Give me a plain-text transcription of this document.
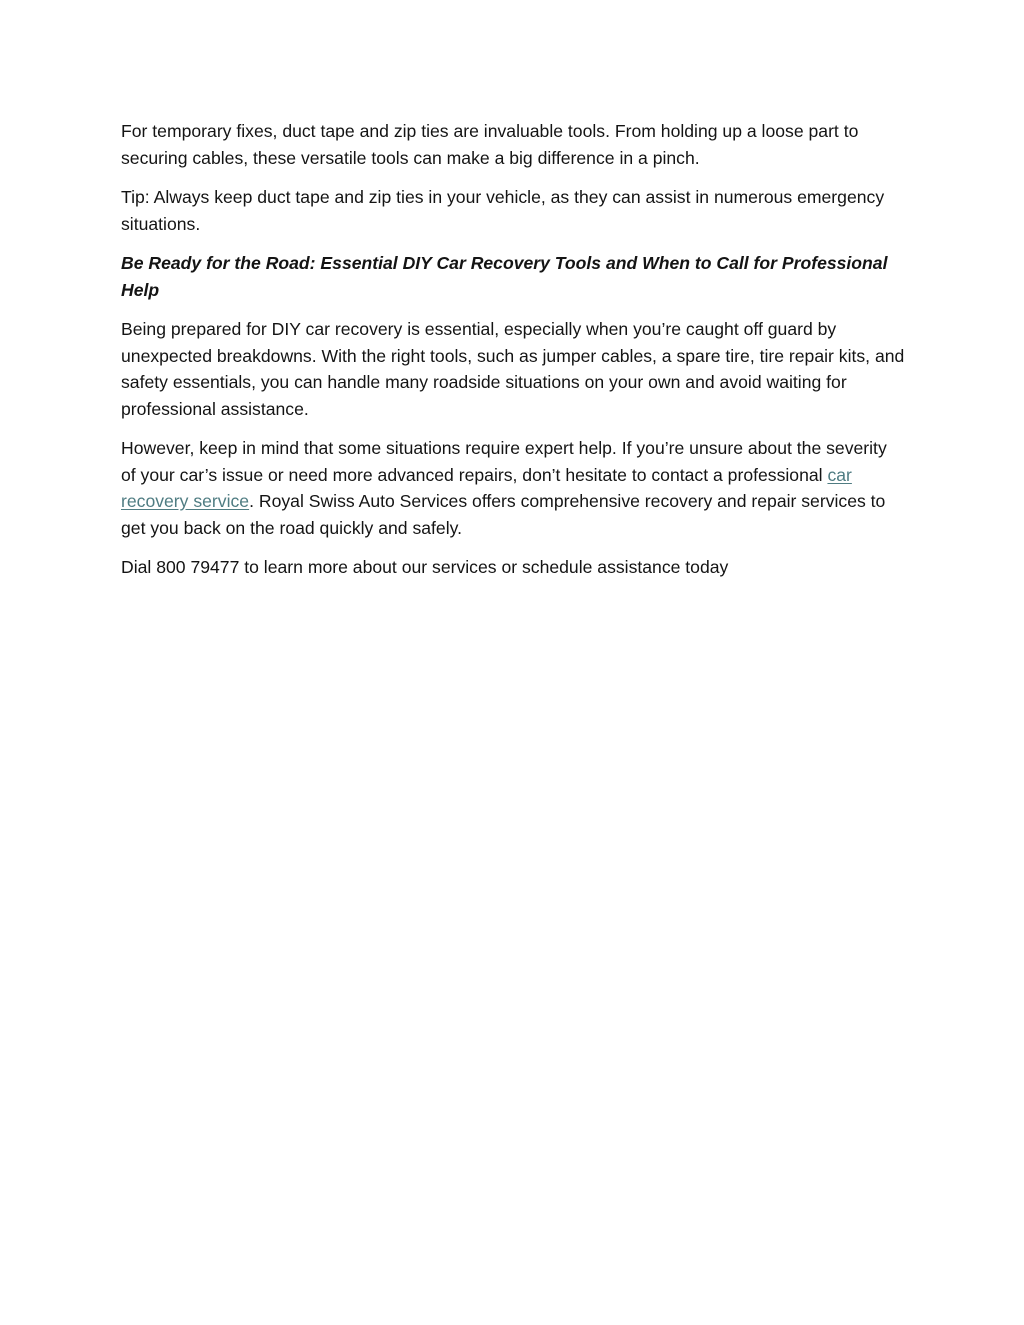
For temporary fixes, duct tape and zip ties are invaluable tools. From holding up a loose part to securing cables, these versatile tools can make a big difference in a pinch.

Tip: Always keep duct tape and zip ties in your vehicle, as they can assist in numerous emergency situations.

Be Ready for the Road: Essential DIY Car Recovery Tools and When to Call for Professional Help

Being prepared for DIY car recovery is essential, especially when you’re caught off guard by unexpected breakdowns. With the right tools, such as jumper cables, a spare tire, tire repair kits, and safety essentials, you can handle many roadside situations on your own and avoid waiting for professional assistance.

However, keep in mind that some situations require expert help. If you’re unsure about the severity of your car’s issue or need more advanced repairs, don’t hesitate to contact a professional car recovery service. Royal Swiss Auto Services offers comprehensive recovery and repair services to get you back on the road quickly and safely.

Dial 800 79477 to learn more about our services or schedule assistance today
